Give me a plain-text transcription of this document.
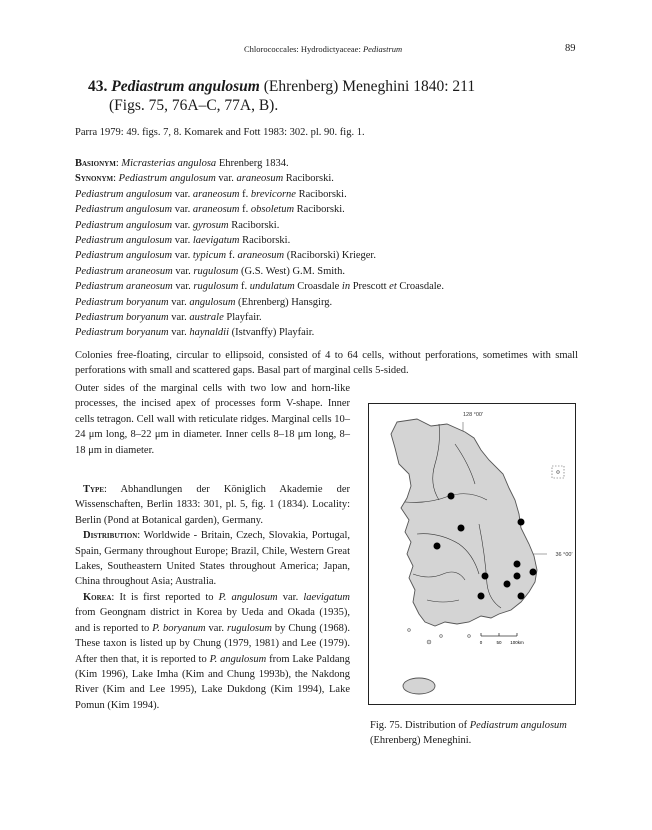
Chlorococcales: Hydrodictyaceae: Pediastrum	89
43. Pediastrum angulosum (Ehrenberg) Meneghini 1840: 211
(Figs. 75, 76A–C, 77A, B).
Parra 1979: 49. figs. 7, 8. Komarek and Fott 1983: 302. pl. 90. fig. 1.
Basionym: Micrasterias angulosa Ehrenberg 1834.
Synonym: Pediastrum angulosum var. araneosum Raciborski.
Pediastrum angulosum var. araneosum f. brevicorne Raciborski.
Pediastrum angulosum var. araneosum f. obsoletum Raciborski.
Pediastrum angulosum var. gyrosum Raciborski.
Pediastrum angulosum var. laevigatum Raciborski.
Pediastrum angulosum var. typicum f. araneosum (Raciborski) Krieger.
Pediastrum araneosum var. rugulosum (G.S. West) G.M. Smith.
Pediastrum araneosum var. rugulosum f. undulatum Croasdale in Prescott et Croasdale.
Pediastrum boryanum var. angulosum (Ehrenberg) Hansgirg.
Pediastrum boryanum var. australe Playfair.
Pediastrum boryanum var. haynaldii (Istvanffy) Playfair.
Colonies free-floating, circular to ellipsoid, consisted of 4 to 64 cells, without perforations, sometimes with small perforations with small and scattered gaps. Basal part of marginal cells 5-sided.

Outer sides of the marginal cells with two low and horn-like processes, the incised apex of processes form V-shape. Inner cells tetragon. Cell wall with reticulate ridges. Marginal cells 10–24 μm long, 8–22 μm in diameter. Inner cells 8–18 μm long, 8–18 μm in diameter.

Type: Abhandlungen der Königlich Akademie der Wissenschaften, Berlin 1833: 301, pl. 5, fig. 1 (1834). Locality: Berlin (Pond at Botanical garden), Germany.

Distribution: Worldwide - Britain, Czech, Slovakia, Portugal, Spain, Germany throughout Europe; Brazil, Chile, Western Great Lakes, Southeastern United States throughout America; Japan, China throughout Asia; Australia.

Korea: It is first reported to P. angulosum var. laevigatum from Geongnam district in Korea by Ueda and Okada (1935), and is reported to P. boryanum var. rugulosum by Chung (1968). These taxon is listed up by Chung (1979, 1981) and Lee (1979). After then that, it is reported to P. angulosum from Lake Paldang (Kim 1996), Lake Imha (Kim and Chung 1993b), the Nakdong River (Kim and Lee 1995), Lake Dukdong (Kim 1994), Lake Pomun (Kim 1994).

128 °00'
36 °00'
0	50 100km
Fig. 75. Distribution of Pediastrum angulosum (Ehrenberg) Meneghini.
